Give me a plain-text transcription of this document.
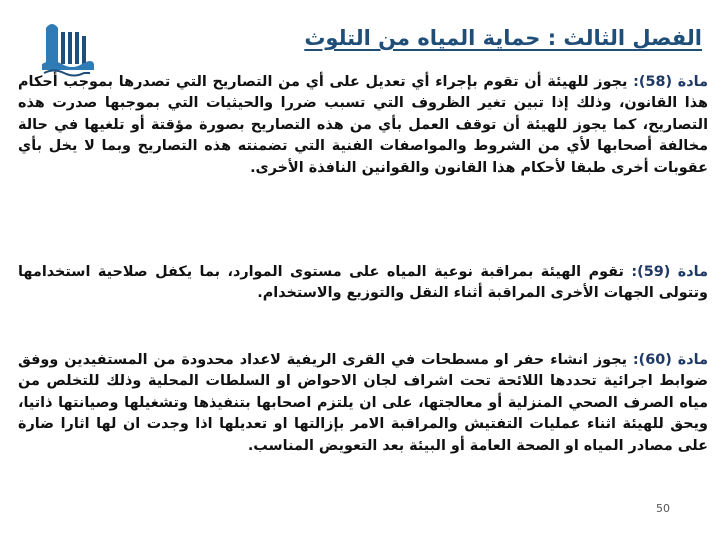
الفصل الثالث : حماية المياه من التلوث
مادة (58): يجوز للهيئة أن تقوم بإجراء أي تعديل على أي من التصاريح التي تصدرها بموجب أحكام هذا القانون، وذلك إذا تبين تغير الظروف التي تسبب ضررا والحيثيات التي بموجبها صدرت هذه التصاريح، كما يجوز للهيئة أن توقف العمل بأي من هذه التصاريح بصورة مؤقتة أو تلغيها في حالة مخالفة أصحابها لأي من الشروط والمواصفات الفنية التي تضمنته هذه التصاريح وبما لا يخل بأي عقوبات أخرى طبقا لأحكام هذا القانون والقوانين النافذة الأخرى.
مادة (59): تقوم الهيئة بمراقبة نوعية المياه على مستوى الموارد، بما يكفل صلاحية استخدامها وتتولى الجهات الأخرى المراقبة أثناء النقل والتوزيع والاستخدام.
مادة (60): يجوز انشاء حفر او مسطحات في القرى الريفية لاعداد محدودة من المستفيدين ووفق ضوابط اجرائية تحددها اللائحة تحت اشراف لجان الاحواض او السلطات المحلية وذلك للتخلص من مياه الصرف الصحي المنزلية أو معالجتها، على ان يلتزم اصحابها بتنفيذها وتشغيلها وصيانتها ذاتيا، ويحق للهيئة اثناء عمليات التفتيش والمراقبة الامر بإزالتها او تعديلها اذا وجدت ان لها اثارا ضارة على مصادر المياه او الصحة العامة أو البيئة بعد التعويض المناسب.
50
